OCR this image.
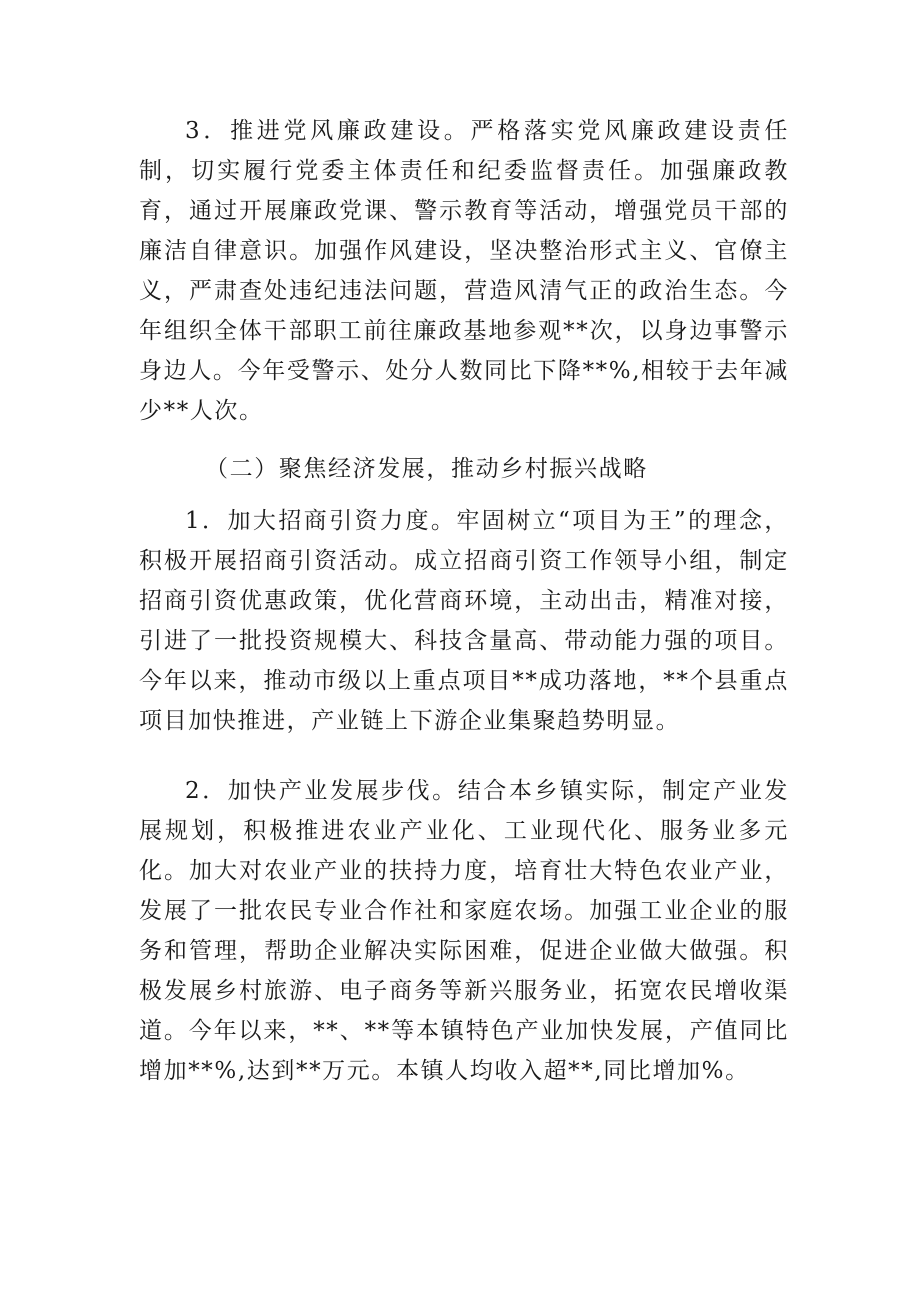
3．推进党风廉政建设。严格落实党风廉政建设责任制，切实履行党委主体责任和纪委监督责任。加强廉政教育，通过开展廉政党课、警示教育等活动，增强党员干部的廉洁自律意识。加强作风建设，坚决整治形式主义、官僚主义，严肃查处违纪违法问题，营造风清气正的政治生态。今年组织全体干部职工前往廉政基地参观**次，以身边事警示身边人。今年受警示、处分人数同比下降**%,相较于去年减少**人次。

（二）聚焦经济发展，推动乡村振兴战略

1．加大招商引资力度。牢固树立“项目为王”的理念，积极开展招商引资活动。成立招商引资工作领导小组，制定招商引资优惠政策，优化营商环境，主动出击，精准对接，引进了一批投资规模大、科技含量高、带动能力强的项目。今年以来，推动市级以上重点项目**成功落地，**个县重点项目加快推进，产业链上下游企业集聚趋势明显。

2．加快产业发展步伐。结合本乡镇实际，制定产业发展规划，积极推进农业产业化、工业现代化、服务业多元化。加大对农业产业的扶持力度，培育壮大特色农业产业，发展了一批农民专业合作社和家庭农场。加强工业企业的服务和管理，帮助企业解决实际困难，促进企业做大做强。积极发展乡村旅游、电子商务等新兴服务业，拓宽农民增收渠道。今年以来，**、**等本镇特色产业加快发展，产值同比增加**%,达到**万元。本镇人均收入超**,同比增加%。
